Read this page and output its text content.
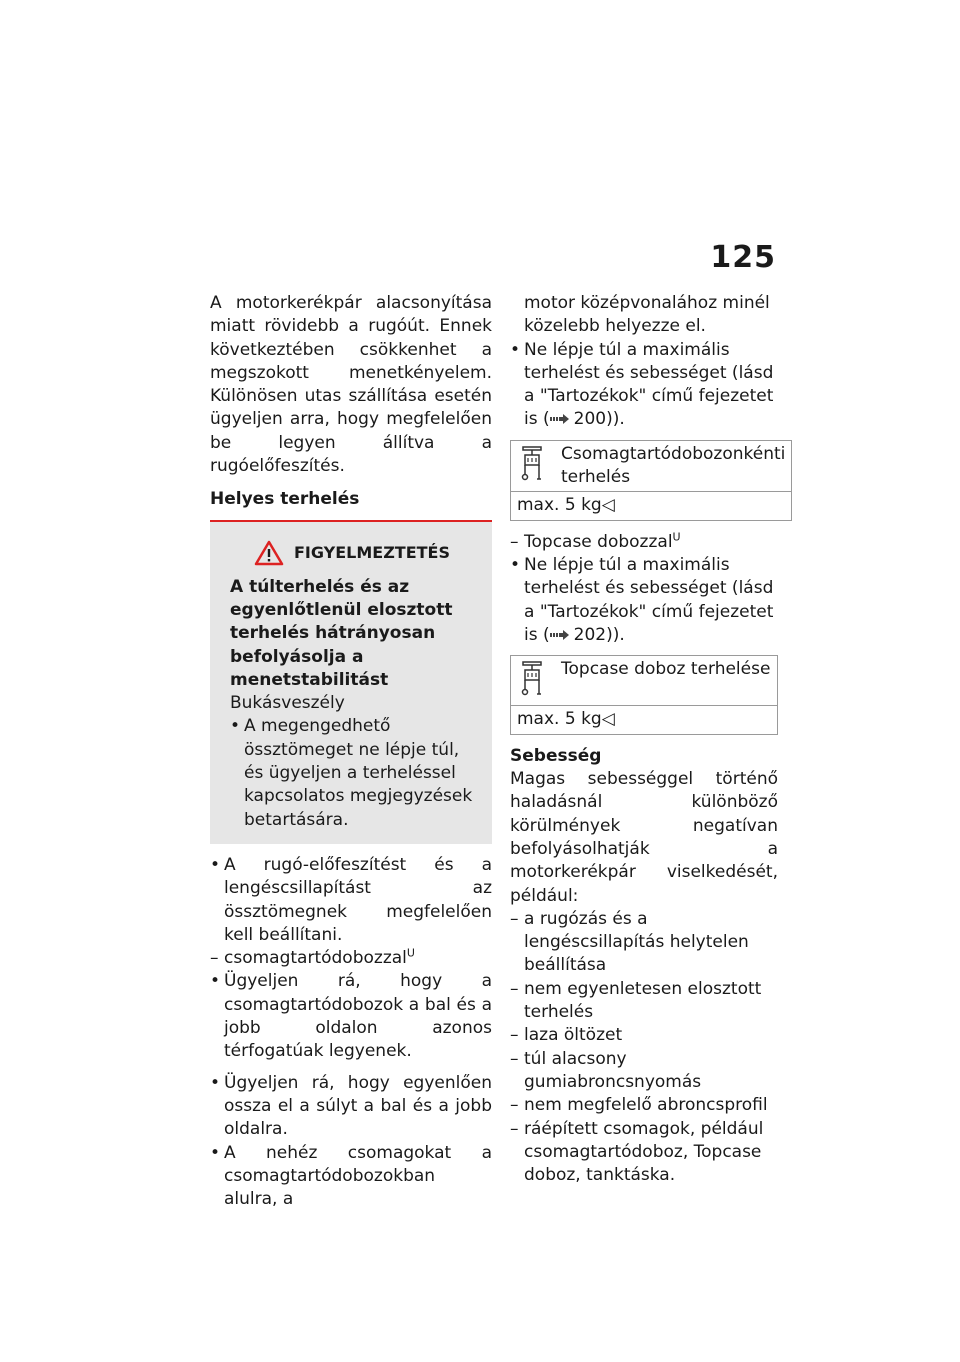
125

A motorkerékpár alacsonyítása miatt rövidebb a rugóút. Ennek következtében csökkenhet a megszokott menetkényelem. Különösen utas szállítása esetén ügyeljen arra, hogy megfelelően be legyen állítva a rugóelőfeszítés.

Helyes terhelés

FIGYELMEZTETÉS

A túlterhelés és az egyenlőtlenül elosztott terhelés hátrányosan befolyásolja a menetstabilitást

Bukásveszély

• A megengedhető össztömeget ne lépje túl, és ügyeljen a terheléssel kapcsolatos megjegyzések betartására.

• A rugó-előfeszítést és a lengéscsillapítást az össztömegnek megfelelően kell beállítani.

– csomagtartódobozzal$^U$

• Ügyeljen rá, hogy a csomagtartódobozok a bal és a jobb oldalon azonos térfogatúak legyenek.

• Ügyeljen rá, hogy egyenlően ossza el a súlyt a bal és a jobb oldalra.

• A nehéz csomagokat a csomagtartódobozokban alulra, a

motor középvonalához minél közelebb helyezze el.

• Ne lépje túl a maximális terhelést és sebességet (lásd a "Tartozékok" című fejezetet is ( 200)).

Csomagtartódobozonkénti terhelés

max. 5 kg◁

– Topcase dobozzal$^U$

• Ne lépje túl a maximális terhelést és sebességet (lásd a "Tartozékok" című fejezetet is ( 202)).

Topcase doboz terhelése

max. 5 kg◁

Sebesség

Magas sebességgel történő haladásnál különböző körülmények negatívan befolyásolhatják a motorkerékpár viselkedését, például:

– a rugózás és a lengéscsillapítás helytelen beállítása

– nem egyenletesen elosztott terhelés

– laza öltözet

– túl alacsony gumiabroncsnyomás

– nem megfelelő abroncsprofil

– ráépített csomagok, például csomagtartódoboz, Topcase doboz, tanktáska.
